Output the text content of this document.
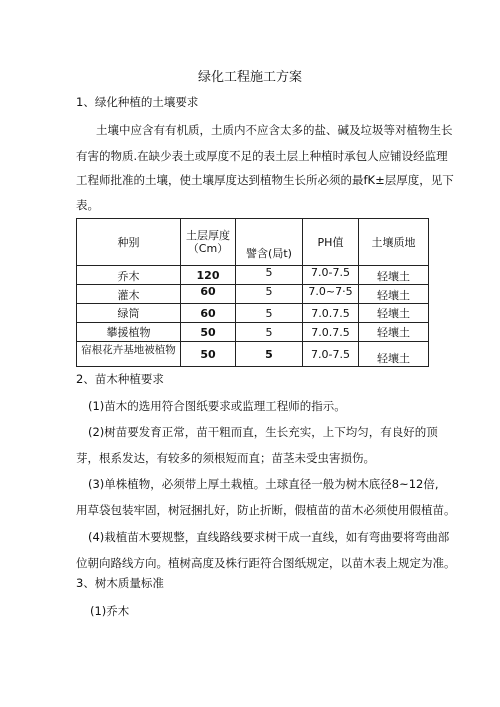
绿化工程施工方案
1、绿化种植的土壤要求
土壤中应含有有机质，土质内不应含太多的盐、碱及垃圾等对植物生长
有害的物质.在缺少表土或厚度不足的表土层上种植时承包人应铺设经监理
工程师批准的土壤，使土壤厚度达到植物生长所必须的最fK±层厚度，见下
表。
种别	土层厚度
（Cm）	譬含(局t)	PH值	土壤质地
乔木	120	5	7.0-7.5	轻壤土
灌木	60	5	7.0~7·5	轻壤土
绿筒	60	5	7.0.7.5	轻壤土
攀援植物	50	5	7.0.7.5	轻壤土
宿根花卉基地被植物	50	5	7.0-7.5	轻壤土
2、苗木种植要求
(1)苗木的选用符合图纸要求或监理工程师的指示。
(2)树苗要发育正常，苗干粗而直，生长充实，上下均匀，有良好的顶
芽，根系发达，有较多的须根短而直；苗茎未受虫害损伤。
(3)单株植物，必须带上厚土栽植。土球直径一般为树木底径8~12倍,
用草袋包装牢固，树冠捆扎好，防止折断，假植苗的苗木必须使用假植苗。
(4)栽植苗木要规整，直线路线要求树干成一直线，如有弯曲要将弯曲部
位朝向路线方向。植树高度及株行距符合图纸规定，以苗木表上规定为准。
3、树木质量标准
(1)乔木
